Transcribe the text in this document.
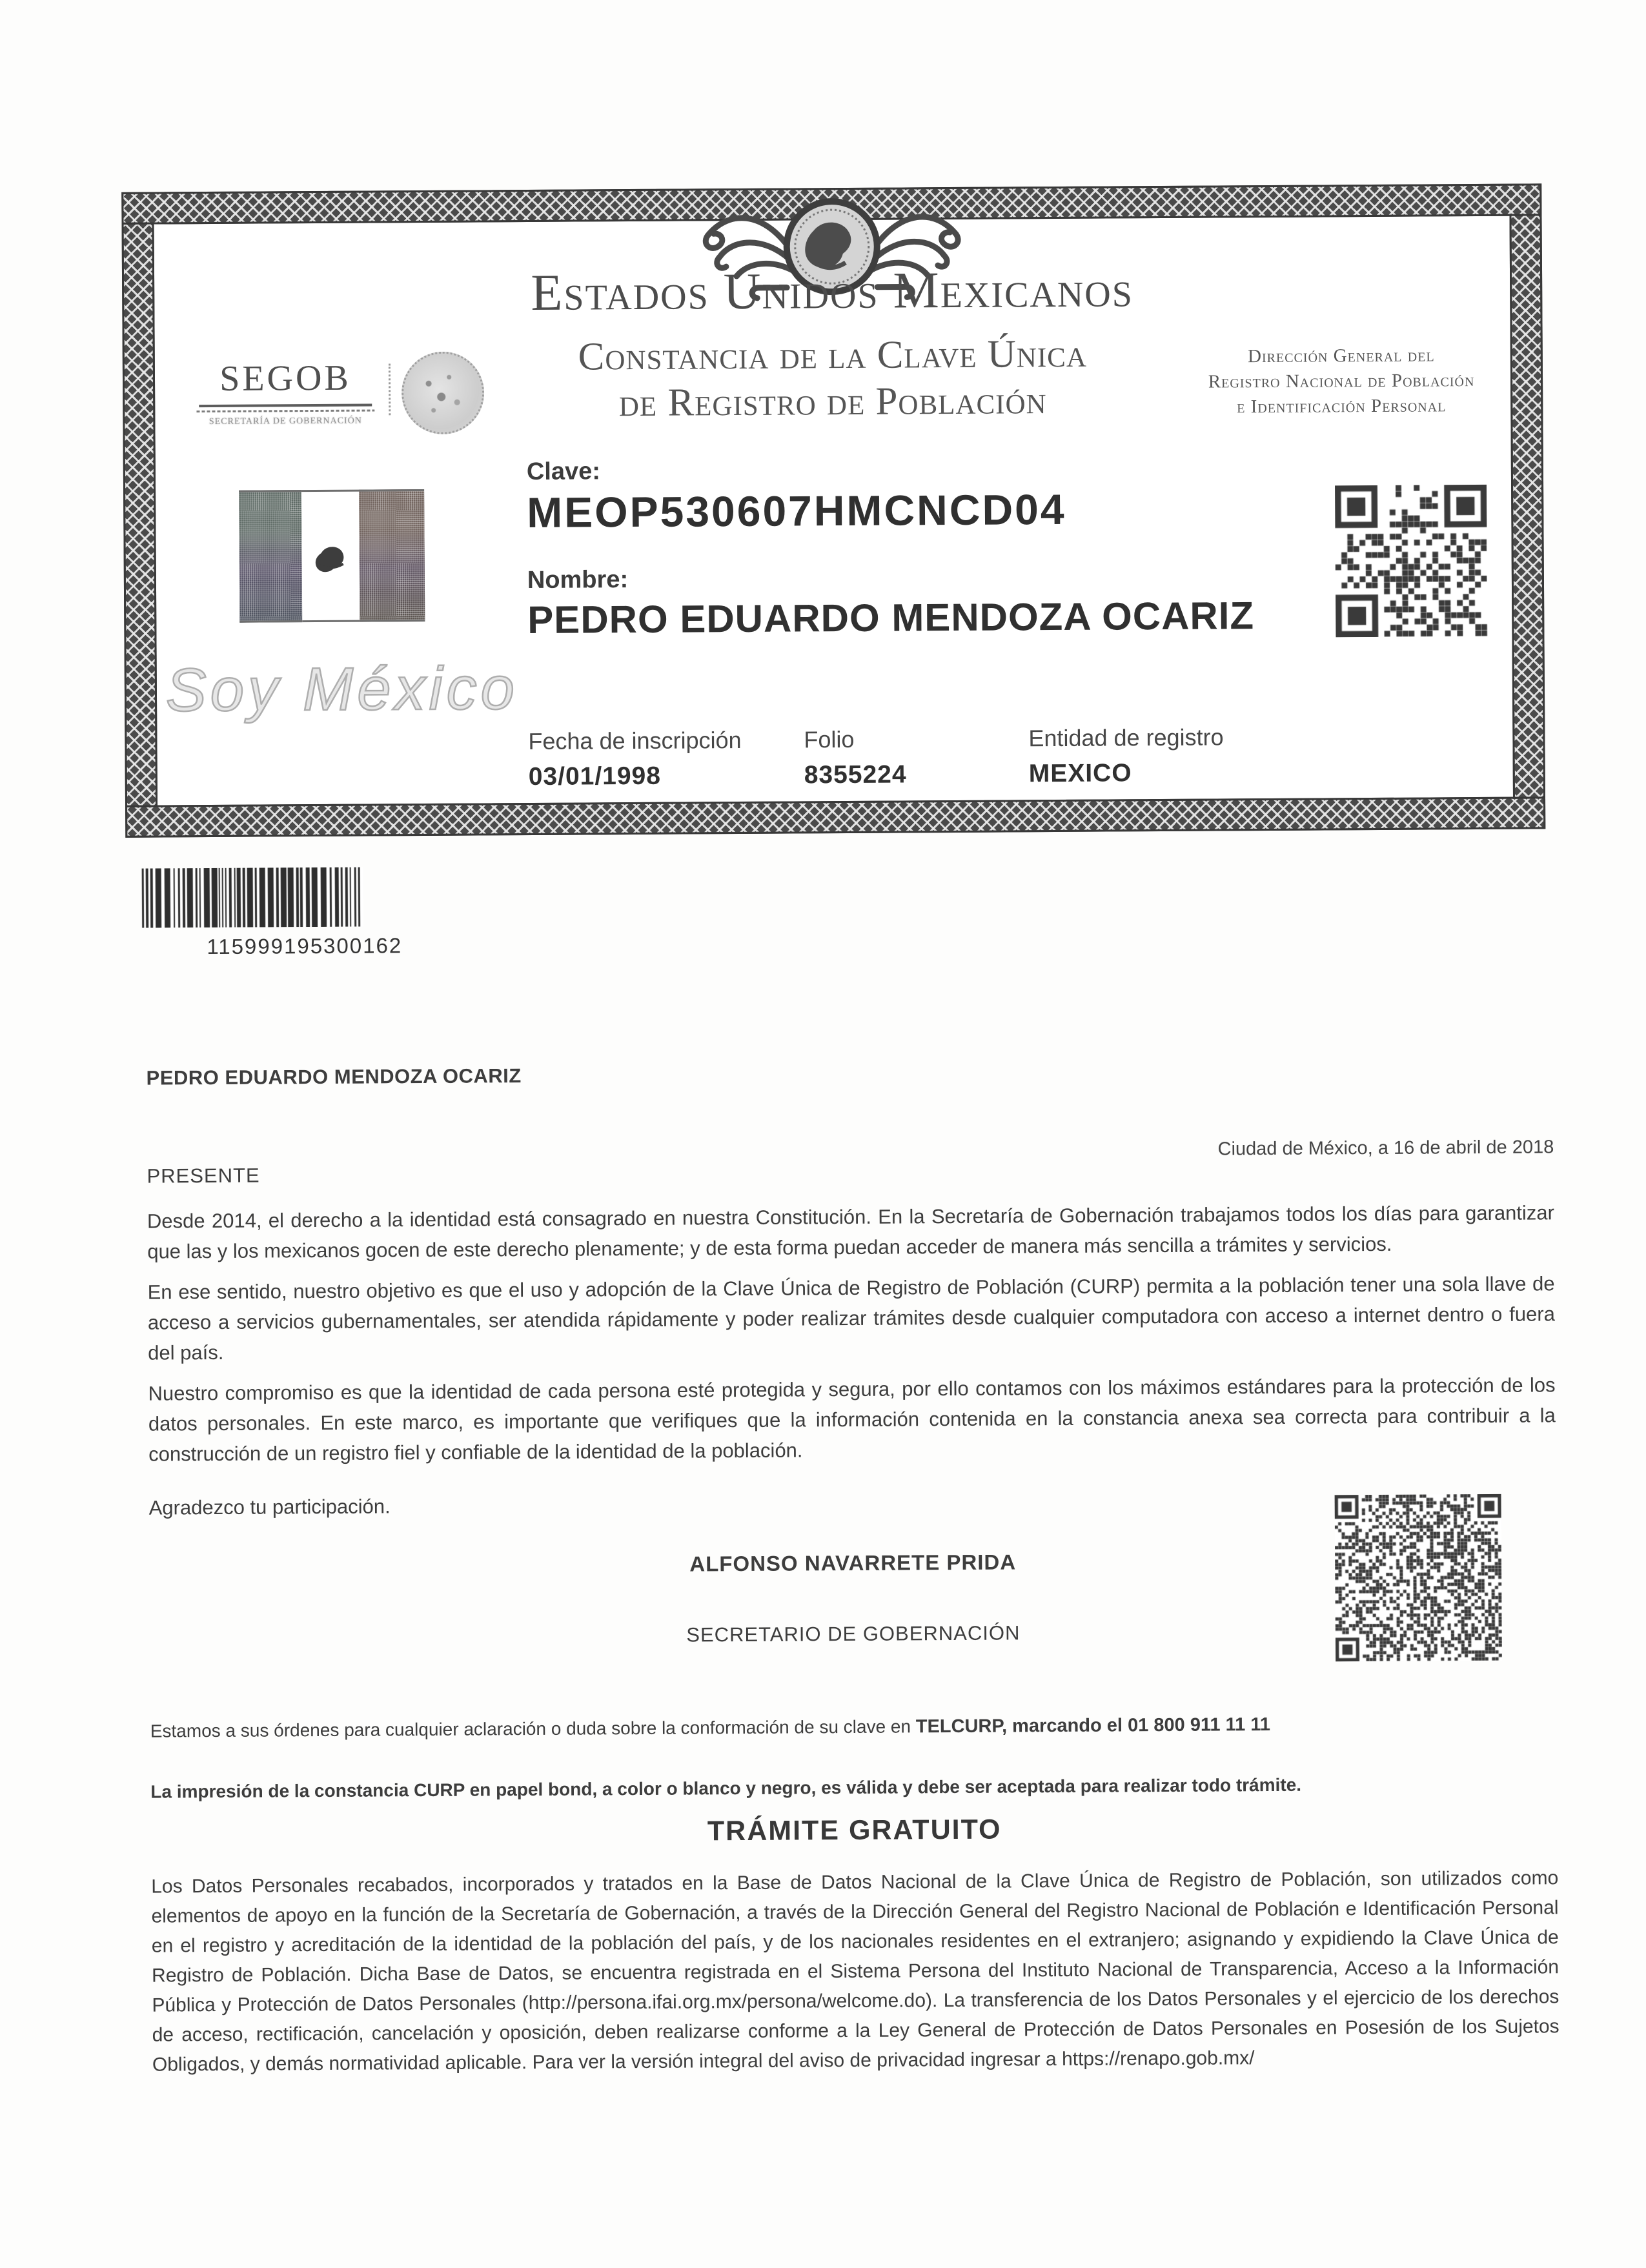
Estados Unidos Mexicanos
Constancia de la Clave Única
de Registro de Población
SEGOB
SECRETARÍA DE GOBERNACIÓN
Dirección General del
Registro Nacional de Población
e Identificación Personal
Clave:
MEOP530607HMCNCD04
Nombre:
PEDRO EDUARDO MENDOZA OCARIZ
Soy México
Fecha de inscripción	Folio	Entidad de registro
03/01/1998	8355224	MEXICO
115999195300162

PEDRO EDUARDO MENDOZA OCARIZ

Ciudad de México, a 16 de abril de 2018

PRESENTE

Desde 2014, el derecho a la identidad está consagrado en nuestra Constitución. En la Secretaría de Gobernación trabajamos todos los días para garantizar que las y los mexicanos gocen de este derecho plenamente; y de esta forma puedan acceder de manera más sencilla a trámites y servicios.

En ese sentido, nuestro objetivo es que el uso y adopción de la Clave Única de Registro de Población (CURP) permita a la población tener una sola llave de acceso a servicios gubernamentales, ser atendida rápidamente y poder realizar trámites desde cualquier computadora con acceso a internet dentro o fuera del país.

Nuestro compromiso es que la identidad de cada persona esté protegida y segura, por ello contamos con los máximos estándares para la protección de los datos personales. En este marco, es importante que verifiques que la información contenida en la constancia anexa sea correcta para contribuir a la construcción de un registro fiel y confiable de la identidad de la población.

Agradezco tu participación.

ALFONSO NAVARRETE PRIDA

SECRETARIO DE GOBERNACIÓN

Estamos a sus órdenes para cualquier aclaración o duda sobre la conformación de su clave en TELCURP, marcando el 01 800 911 11 11

La impresión de la constancia CURP en papel bond, a color o blanco y negro, es válida y debe ser aceptada para realizar todo trámite.

TRÁMITE GRATUITO

Los Datos Personales recabados, incorporados y tratados en la Base de Datos Nacional de la Clave Única de Registro de Población, son utilizados como elementos de apoyo en la función de la Secretaría de Gobernación, a través de la Dirección General del Registro Nacional de Población e Identificación Personal en el registro y acreditación de la identidad de la población del país, y de los nacionales residentes en el extranjero; asignando y expidiendo la Clave Única de Registro de Población. Dicha Base de Datos, se encuentra registrada en el Sistema Persona del Instituto Nacional de Transparencia, Acceso a la Información Pública y Protección de Datos Personales (http://persona.ifai.org.mx/persona/welcome.do). La transferencia de los Datos Personales y el ejercicio de los derechos de acceso, rectificación, cancelación y oposición, deben realizarse conforme a la Ley General de Protección de Datos Personales en Posesión de los Sujetos Obligados, y demás normatividad aplicable. Para ver la versión integral del aviso de privacidad ingresar a https://renapo.gob.mx/
